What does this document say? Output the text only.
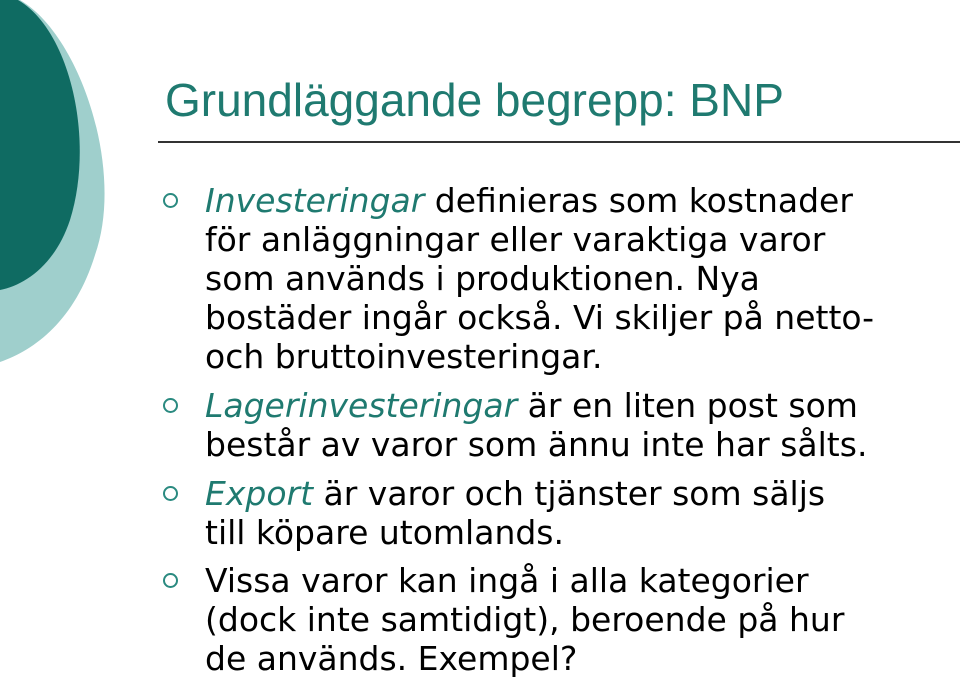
Grundläggande begrepp: BNP

Investeringar definieras som kostnader
för anläggningar eller varaktiga varor
som används i produktionen. Nya
bostäder ingår också. Vi skiljer på netto-
och bruttoinvesteringar.

Lagerinvesteringar är en liten post som
består av varor som ännu inte har sålts.

Export är varor och tjänster som säljs
till köpare utomlands.

Vissa varor kan ingå i alla kategorier
(dock inte samtidigt), beroende på hur
de används. Exempel?
